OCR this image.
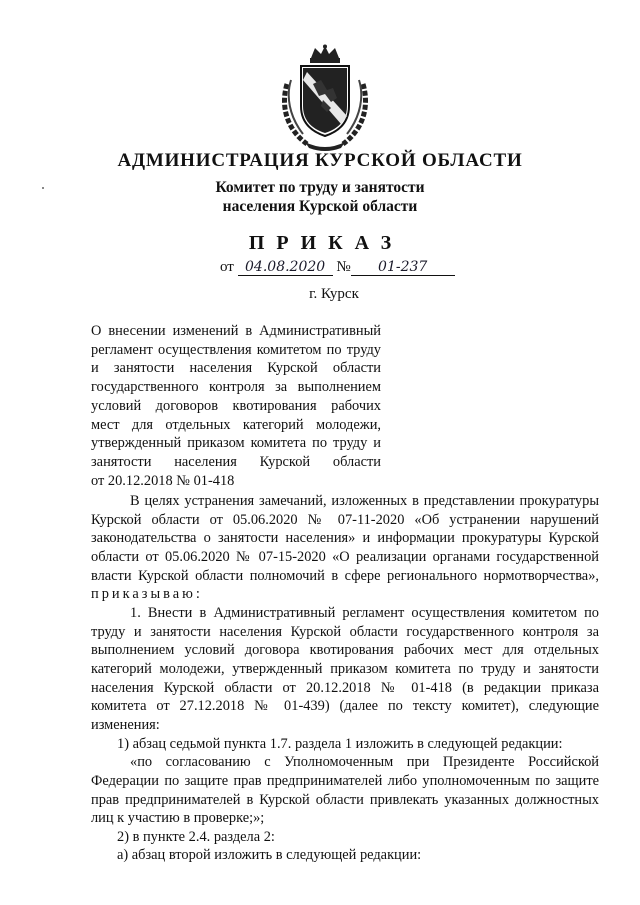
АДМИНИСТРАЦИЯ КУРСКОЙ ОБЛАСТИ
Комитет по труду и занятости
населения Курской области
ПРИКАЗ
от 04.08.2020 № 01-237
г. Курск
О внесении изменений в Административный
регламент осуществления комитетом по труду
и занятости населения Курской области
государственного контроля за выполнением
условий договоров квотирования рабочих
мест для отдельных категорий молодежи,
утвержденный приказом комитета по труду и
занятости населения Курской области
от 20.12.2018 № 01-418
В целях устранения замечаний, изложенных в представлении прокуратуры
Курской области от 05.06.2020 № 07-11-2020 «Об устранении нарушений
законодательства о занятости населения» и информации прокуратуры Курской
области от 05.06.2020 № 07-15-2020 «О реализации органами государственной
власти Курской области полномочий в сфере регионального нормотворчества»,
приказываю:
1. Внести в Административный регламент осуществления комитетом по
труду и занятости населения Курской области государственного контроля за
выполнением условий договора квотирования рабочих мест для отдельных
категорий молодежи, утвержденный приказом комитета по труду и занятости
населения Курской области от 20.12.2018 № 01-418 (в редакции приказа
комитета от 27.12.2018 № 01-439) (далее по тексту комитет), следующие
изменения:
1) абзац седьмой пункта 1.7. раздела 1 изложить в следующей редакции:
«по согласованию с Уполномоченным при Президенте Российской
Федерации по защите прав предпринимателей либо уполномоченным по защите
прав предпринимателей в Курской области привлекать указанных должностных
лиц к участию в проверке;»;
2) в пункте 2.4. раздела 2:
а) абзац второй изложить в следующей редакции:
